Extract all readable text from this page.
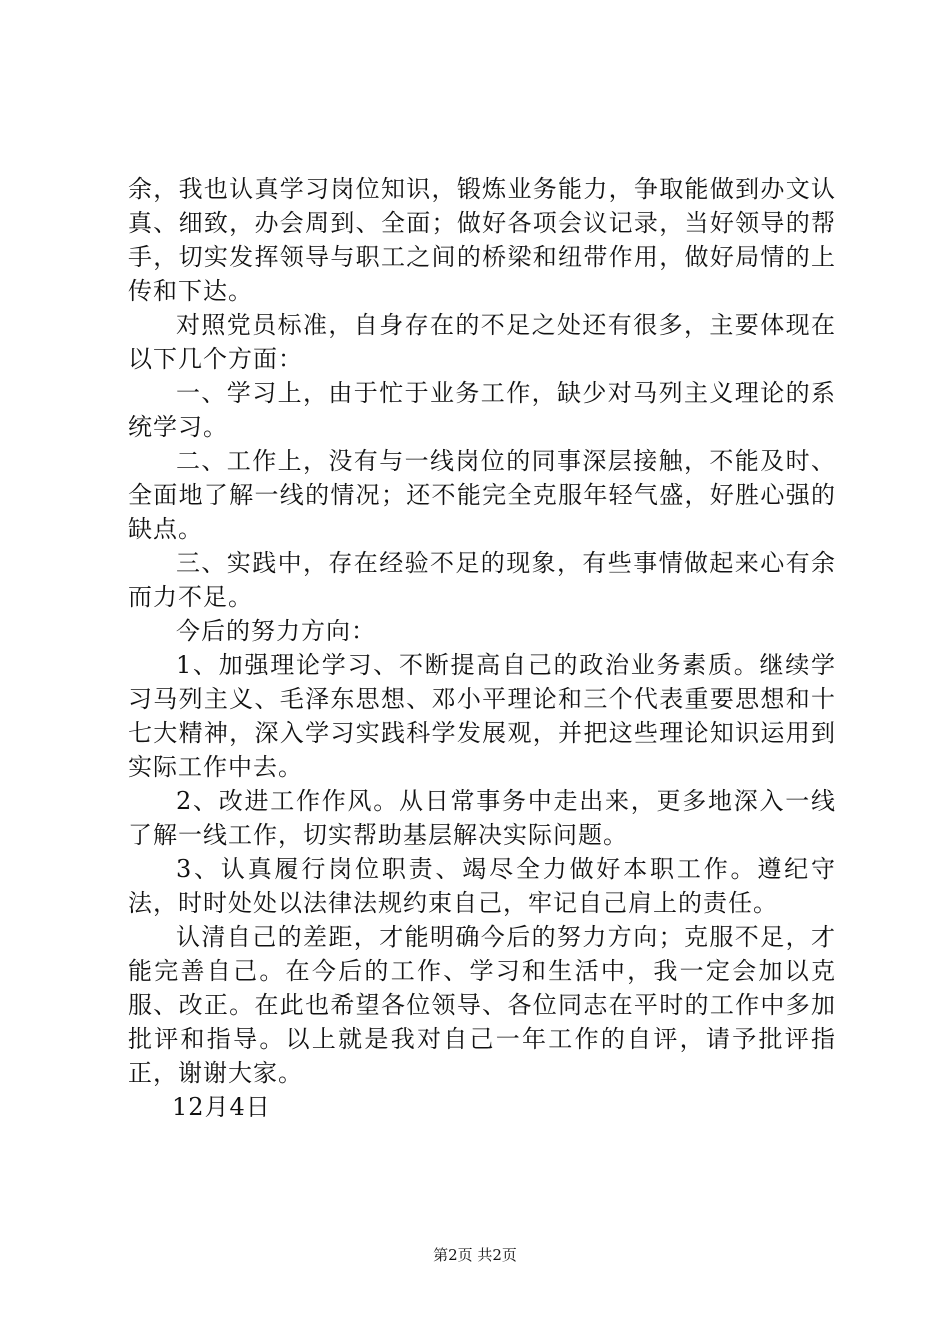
余，我也认真学习岗位知识，锻炼业务能力，争取能做到办文认真、细致，办会周到、全面；做好各项会议记录，当好领导的帮手，切实发挥领导与职工之间的桥梁和纽带作用，做好局情的上传和下达。

对照党员标准，自身存在的不足之处还有很多，主要体现在以下几个方面：

一、学习上，由于忙于业务工作，缺少对马列主义理论的系统学习。

二、工作上，没有与一线岗位的同事深层接触，不能及时、全面地了解一线的情况；还不能完全克服年轻气盛，好胜心强的缺点。

三、实践中，存在经验不足的现象，有些事情做起来心有余而力不足。

今后的努力方向：

1、加强理论学习、不断提高自己的政治业务素质。继续学习马列主义、毛泽东思想、邓小平理论和三个代表重要思想和十七大精神，深入学习实践科学发展观，并把这些理论知识运用到实际工作中去。

2、改进工作作风。从日常事务中走出来，更多地深入一线了解一线工作，切实帮助基层解决实际问题。

3、认真履行岗位职责、竭尽全力做好本职工作。遵纪守法，时时处处以法律法规约束自己，牢记自己肩上的责任。

认清自己的差距，才能明确今后的努力方向；克服不足，才能完善自己。在今后的工作、学习和生活中，我一定会加以克服、改正。在此也希望各位领导、各位同志在平时的工作中多加批评和指导。以上就是我对自己一年工作的自评，请予批评指正，谢谢大家。

12月4日

第2页 共2页
